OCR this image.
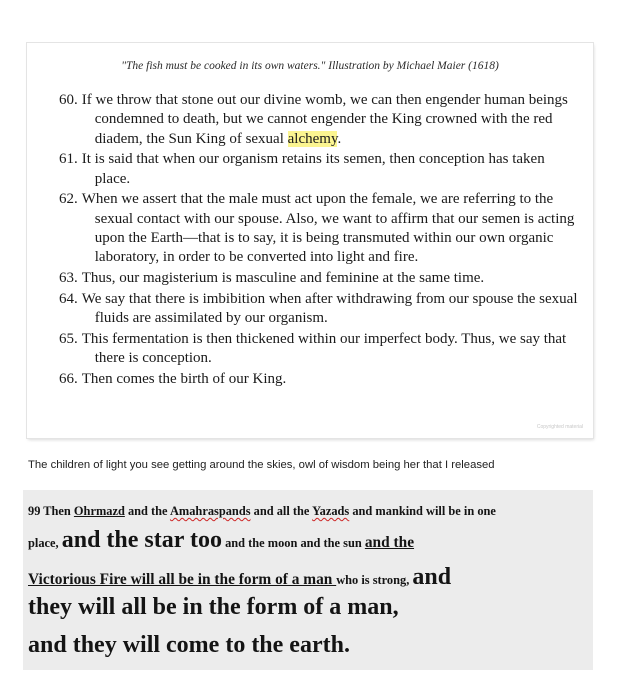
"The fish must be cooked in its own waters." Illustration by Michael Maier (1618)
60. If we throw that stone out our divine womb, we can then engender human beings
condemned to death, but we cannot engender the King crowned with the red
diadem, the Sun King of sexual alchemy.
61. It is said that when our organism retains its semen, then conception has taken
place.
62. When we assert that the male must act upon the female, we are referring to the
sexual contact with our spouse. Also, we want to affirm that our semen is acting
upon the Earth—that is to say, it is being transmuted within our own organic
laboratory, in order to be converted into light and fire.
63. Thus, our magisterium is masculine and feminine at the same time.
64. We say that there is imbibition when after withdrawing from our spouse the sexual
fluids are assimilated by our organism.
65. This fermentation is then thickened within our imperfect body. Thus, we say that
there is conception.
66. Then comes the birth of our King.
Copyrighted material
The children of light you see getting around the skies, owl of wisdom being her that I released
99 Then Ohrmazd and the Amahraspands and all the Yazads and mankind will be in one
place, and the star too and the moon and the sun and the
Victorious Fire will all be in the form of a man who is strong, and
they will all be in the form of a man,
and they will come to the earth.
